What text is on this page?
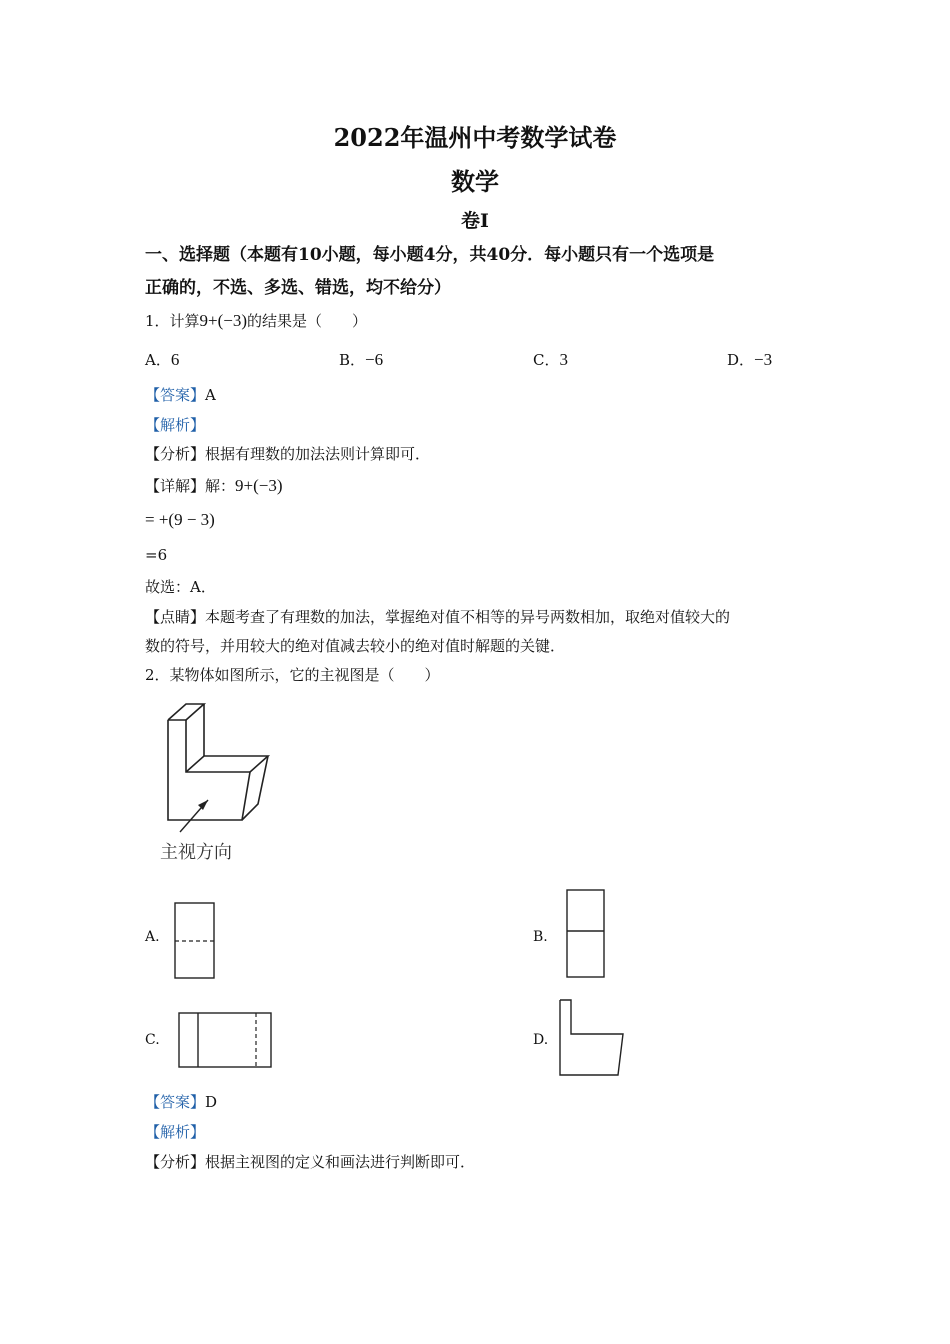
2022年温州中考数学试卷
数学
卷Ⅰ
一、选择题（本题有10小题，每小题4分，共40分．每小题只有一个选项是
正确的，不选、多选、错选，均不给分）
1．计算9+(−3)的结果是（　　）
A．6	B．−6	C．3	D．−3
【答案】A
【解析】
【分析】根据有理数的加法法则计算即可．
【详解】解：9+(−3)
= +(9 − 3)
=6
故选：A．
【点睛】本题考查了有理数的加法，掌握绝对值不相等的异号两数相加，取绝对值较大的
数的符号，并用较大的绝对值减去较小的绝对值时解题的关键．
2．某物体如图所示，它的主视图是（　　）
主视方向
A.	B.
C.	D.
【答案】D
【解析】
【分析】根据主视图的定义和画法进行判断即可．
